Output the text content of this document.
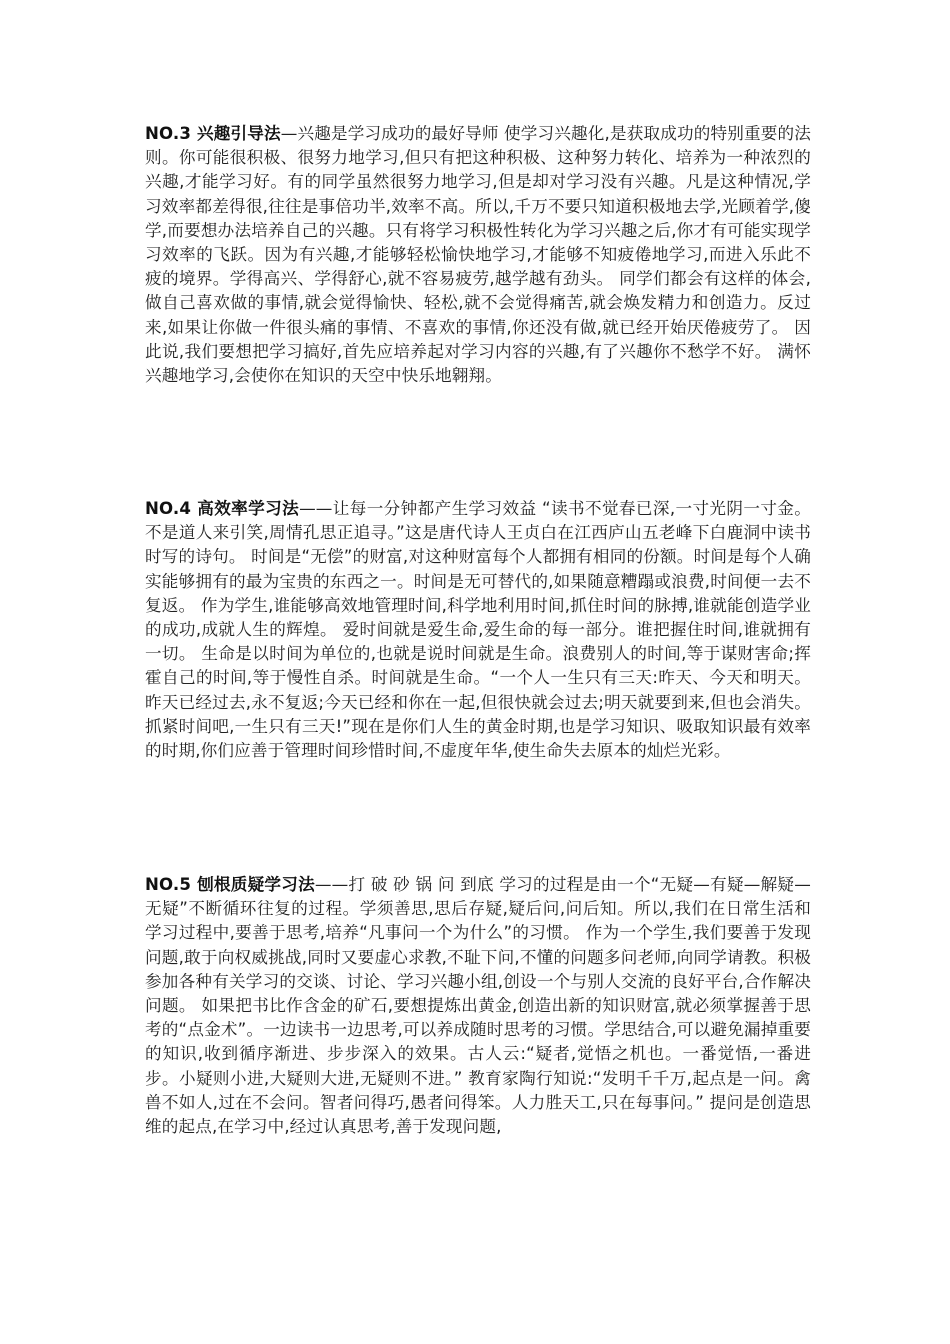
NO.3 兴趣引导法—兴趣是学习成功的最好导师 使学习兴趣化,是获取成功的特别重要的法则。你可能很积极、很努力地学习,但只有把这种积极、这种努力转化、培养为一种浓烈的兴趣,才能学习好。有的同学虽然很努力地学习,但是却对学习没有兴趣。凡是这种情况,学习效率都差得很,往往是事倍功半,效率不高。所以,千万不要只知道积极地去学,光顾着学,傻学,而要想办法培养自己的兴趣。只有将学习积极性转化为学习兴趣之后,你才有可能实现学习效率的飞跃。因为有兴趣,才能够轻松愉快地学习,才能够不知疲倦地学习,而进入乐此不疲的境界。学得高兴、学得舒心,就不容易疲劳,越学越有劲头。 同学们都会有这样的体会,做自己喜欢做的事情,就会觉得愉快、轻松,就不会觉得痛苦,就会焕发精力和创造力。反过来,如果让你做一件很头痛的事情、不喜欢的事情,你还没有做,就已经开始厌倦疲劳了。 因此说,我们要想把学习搞好,首先应培养起对学习内容的兴趣,有了兴趣你不愁学不好。 满怀兴趣地学习,会使你在知识的天空中快乐地翱翔。
NO.4 高效率学习法——让每一分钟都产生学习效益 “读书不觉春已深,一寸光阴一寸金。不是道人来引笑,周情孔思正追寻。”这是唐代诗人王贞白在江西庐山五老峰下白鹿洞中读书时写的诗句。 时间是“无偿”的财富,对这种财富每个人都拥有相同的份额。时间是每个人确实能够拥有的最为宝贵的东西之一。时间是无可替代的,如果随意糟蹋或浪费,时间便一去不复返。 作为学生,谁能够高效地管理时间,科学地利用时间,抓住时间的脉搏,谁就能创造学业的成功,成就人生的辉煌。 爱时间就是爱生命,爱生命的每一部分。谁把握住时间,谁就拥有一切。 生命是以时间为单位的,也就是说时间就是生命。浪费别人的时间,等于谋财害命;挥霍自己的时间,等于慢性自杀。时间就是生命。“一个人一生只有三天:昨天、今天和明天。昨天已经过去,永不复返;今天已经和你在一起,但很快就会过去;明天就要到来,但也会消失。抓紧时间吧,一生只有三天!”现在是你们人生的黄金时期,也是学习知识、吸取知识最有效率的时期,你们应善于管理时间珍惜时间,不虚度年华,使生命失去原本的灿烂光彩。
NO.5 刨根质疑学习法——打 破 砂 锅 问 到底 学习的过程是由一个“无疑—有疑—解疑—无疑”不断循环往复的过程。学须善思,思后存疑,疑后问,问后知。所以,我们在日常生活和学习过程中,要善于思考,培养“凡事问一个为什么”的习惯。 作为一个学生,我们要善于发现问题,敢于向权威挑战,同时又要虚心求教,不耻下问,不懂的问题多问老师,向同学请教。积极参加各种有关学习的交谈、讨论、学习兴趣小组,创设一个与别人交流的良好平台,合作解决问题。 如果把书比作含金的矿石,要想提炼出黄金,创造出新的知识财富,就必须掌握善于思考的“点金术”。一边读书一边思考,可以养成随时思考的习惯。学思结合,可以避免漏掉重要的知识,收到循序渐进、步步深入的效果。古人云:“疑者,觉悟之机也。一番觉悟,一番进步。小疑则小进,大疑则大进,无疑则不进。” 教育家陶行知说:“发明千千万,起点是一问。禽兽不如人,过在不会问。智者问得巧,愚者问得笨。人力胜天工,只在每事问。” 提问是创造思维的起点,在学习中,经过认真思考,善于发现问题,
